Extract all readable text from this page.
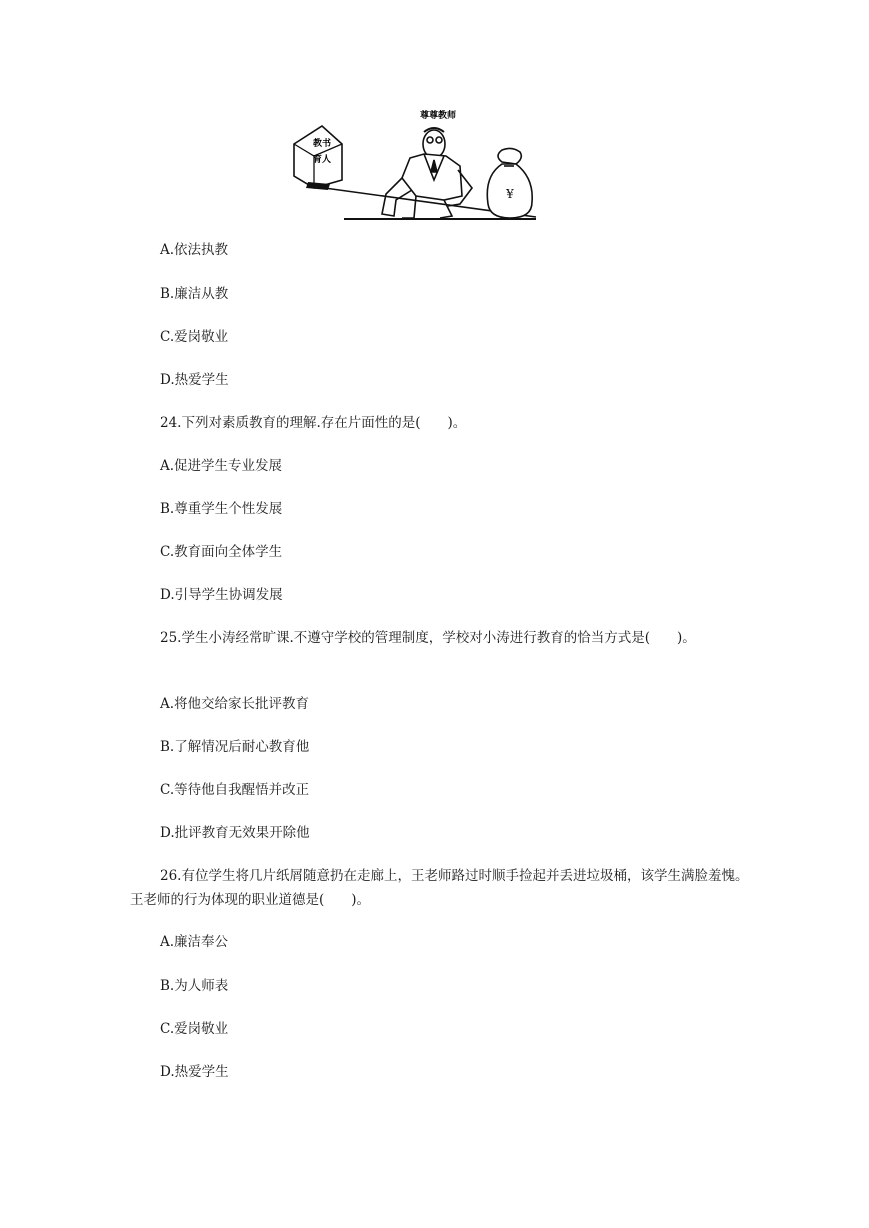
教书
育人
尊尊教师
¥
A.依法执教
B.廉洁从教
C.爱岗敬业
D.热爱学生
24.下列对素质教育的理解.存在片面性的是(　　)。
A.促进学生专业发展
B.尊重学生个性发展
C.教育面向全体学生
D.引导学生协调发展
25.学生小涛经常旷课.不遵守学校的管理制度，学校对小涛进行教育的恰当方式是(　　)。
A.将他交给家长批评教育
B.了解情况后耐心教育他
C.等待他自我醒悟并改正
D.批评教育无效果开除他
26.有位学生将几片纸屑随意扔在走廊上，王老师路过时顺手捡起并丢进垃圾桶，该学生满脸羞愧。王老师的行为体现的职业道德是(　　)。
A.廉洁奉公
B.为人师表
C.爱岗敬业
D.热爱学生
